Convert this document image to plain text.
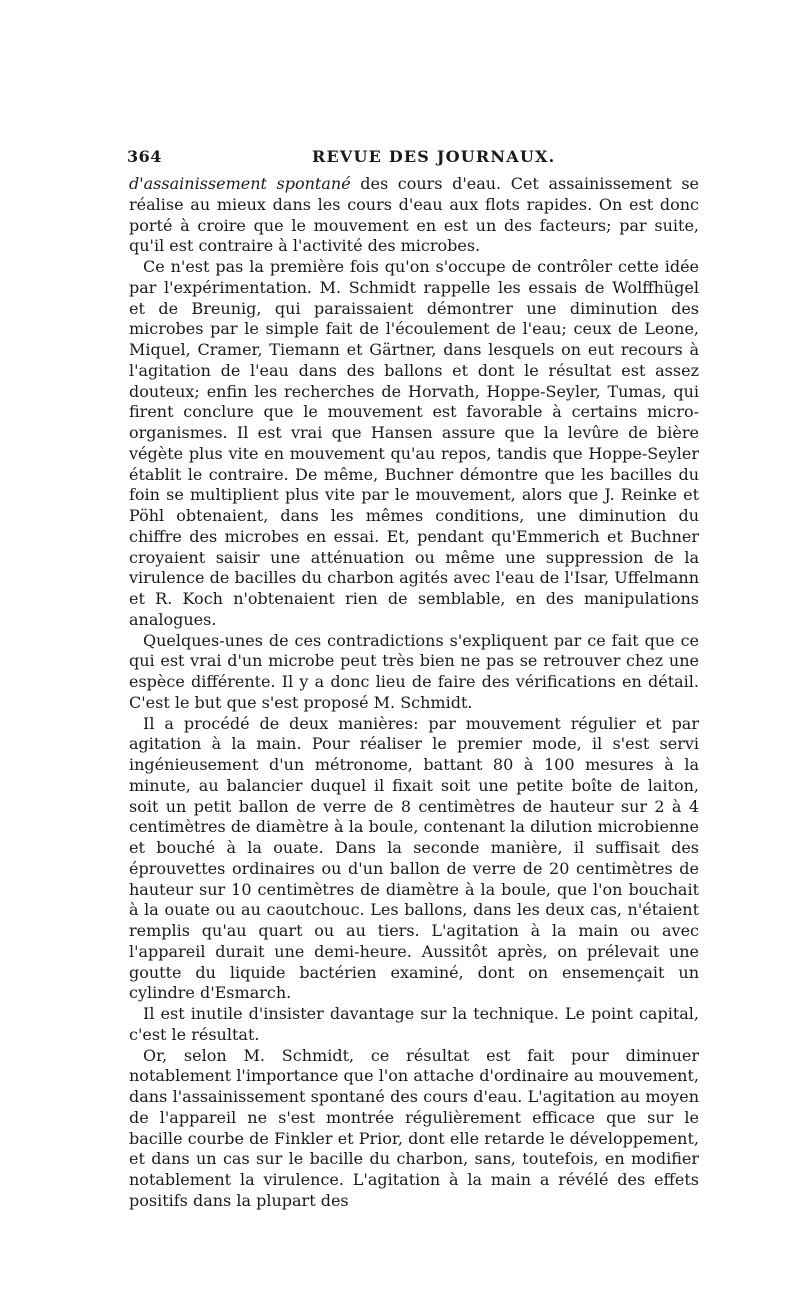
364	REVUE DES JOURNAUX.

d'assainissement spontané des cours d'eau. Cet assainissement se réalise au mieux dans les cours d'eau aux flots rapides. On est donc porté à croire que le mouvement en est un des facteurs; par suite, qu'il est contraire à l'activité des microbes.

Ce n'est pas la première fois qu'on s'occupe de contrôler cette idée par l'expérimentation. M. Schmidt rappelle les essais de Wolffhügel et de Breunig, qui paraissaient démontrer une diminution des microbes par le simple fait de l'écoulement de l'eau; ceux de Leone, Miquel, Cramer, Tiemann et Gärtner, dans lesquels on eut recours à l'agitation de l'eau dans des ballons et dont le résultat est assez douteux; enfin les recherches de Horvath, Hoppe-Seyler, Tumas, qui firent conclure que le mouvement est favorable à certains micro-organismes. Il est vrai que Hansen assure que la levûre de bière végète plus vite en mouvement qu'au repos, tandis que Hoppe-Seyler établit le contraire. De même, Buchner démontre que les bacilles du foin se multiplient plus vite par le mouvement, alors que J. Reinke et Pöhl obtenaient, dans les mêmes conditions, une diminution du chiffre des microbes en essai. Et, pendant qu'Emmerich et Buchner croyaient saisir une atténuation ou même une suppression de la virulence de bacilles du charbon agités avec l'eau de l'Isar, Uffelmann et R. Koch n'obtenaient rien de semblable, en des manipulations analogues.

Quelques-unes de ces contradictions s'expliquent par ce fait que ce qui est vrai d'un microbe peut très bien ne pas se retrouver chez une espèce différente. Il y a donc lieu de faire des vérifications en détail. C'est le but que s'est proposé M. Schmidt.

Il a procédé de deux manières: par mouvement régulier et par agitation à la main. Pour réaliser le premier mode, il s'est servi ingénieusement d'un métronome, battant 80 à 100 mesures à la minute, au balancier duquel il fixait soit une petite boîte de laiton, soit un petit ballon de verre de 8 centimètres de hauteur sur 2 à 4 centimètres de diamètre à la boule, contenant la dilution microbienne et bouché à la ouate. Dans la seconde manière, il suffisait des éprouvettes ordinaires ou d'un ballon de verre de 20 centimètres de hauteur sur 10 centimètres de diamètre à la boule, que l'on bouchait à la ouate ou au caoutchouc. Les ballons, dans les deux cas, n'étaient remplis qu'au quart ou au tiers. L'agitation à la main ou avec l'appareil durait une demi-heure. Aussitôt après, on prélevait une goutte du liquide bactérien examiné, dont on ensemençait un cylindre d'Esmarch.

Il est inutile d'insister davantage sur la technique. Le point capital, c'est le résultat.

Or, selon M. Schmidt, ce résultat est fait pour diminuer notablement l'importance que l'on attache d'ordinaire au mouvement, dans l'assainissement spontané des cours d'eau. L'agitation au moyen de l'appareil ne s'est montrée régulièrement efficace que sur le bacille courbe de Finkler et Prior, dont elle retarde le développement, et dans un cas sur le bacille du charbon, sans, toutefois, en modifier notablement la virulence. L'agitation à la main a révélé des effets positifs dans la plupart des
